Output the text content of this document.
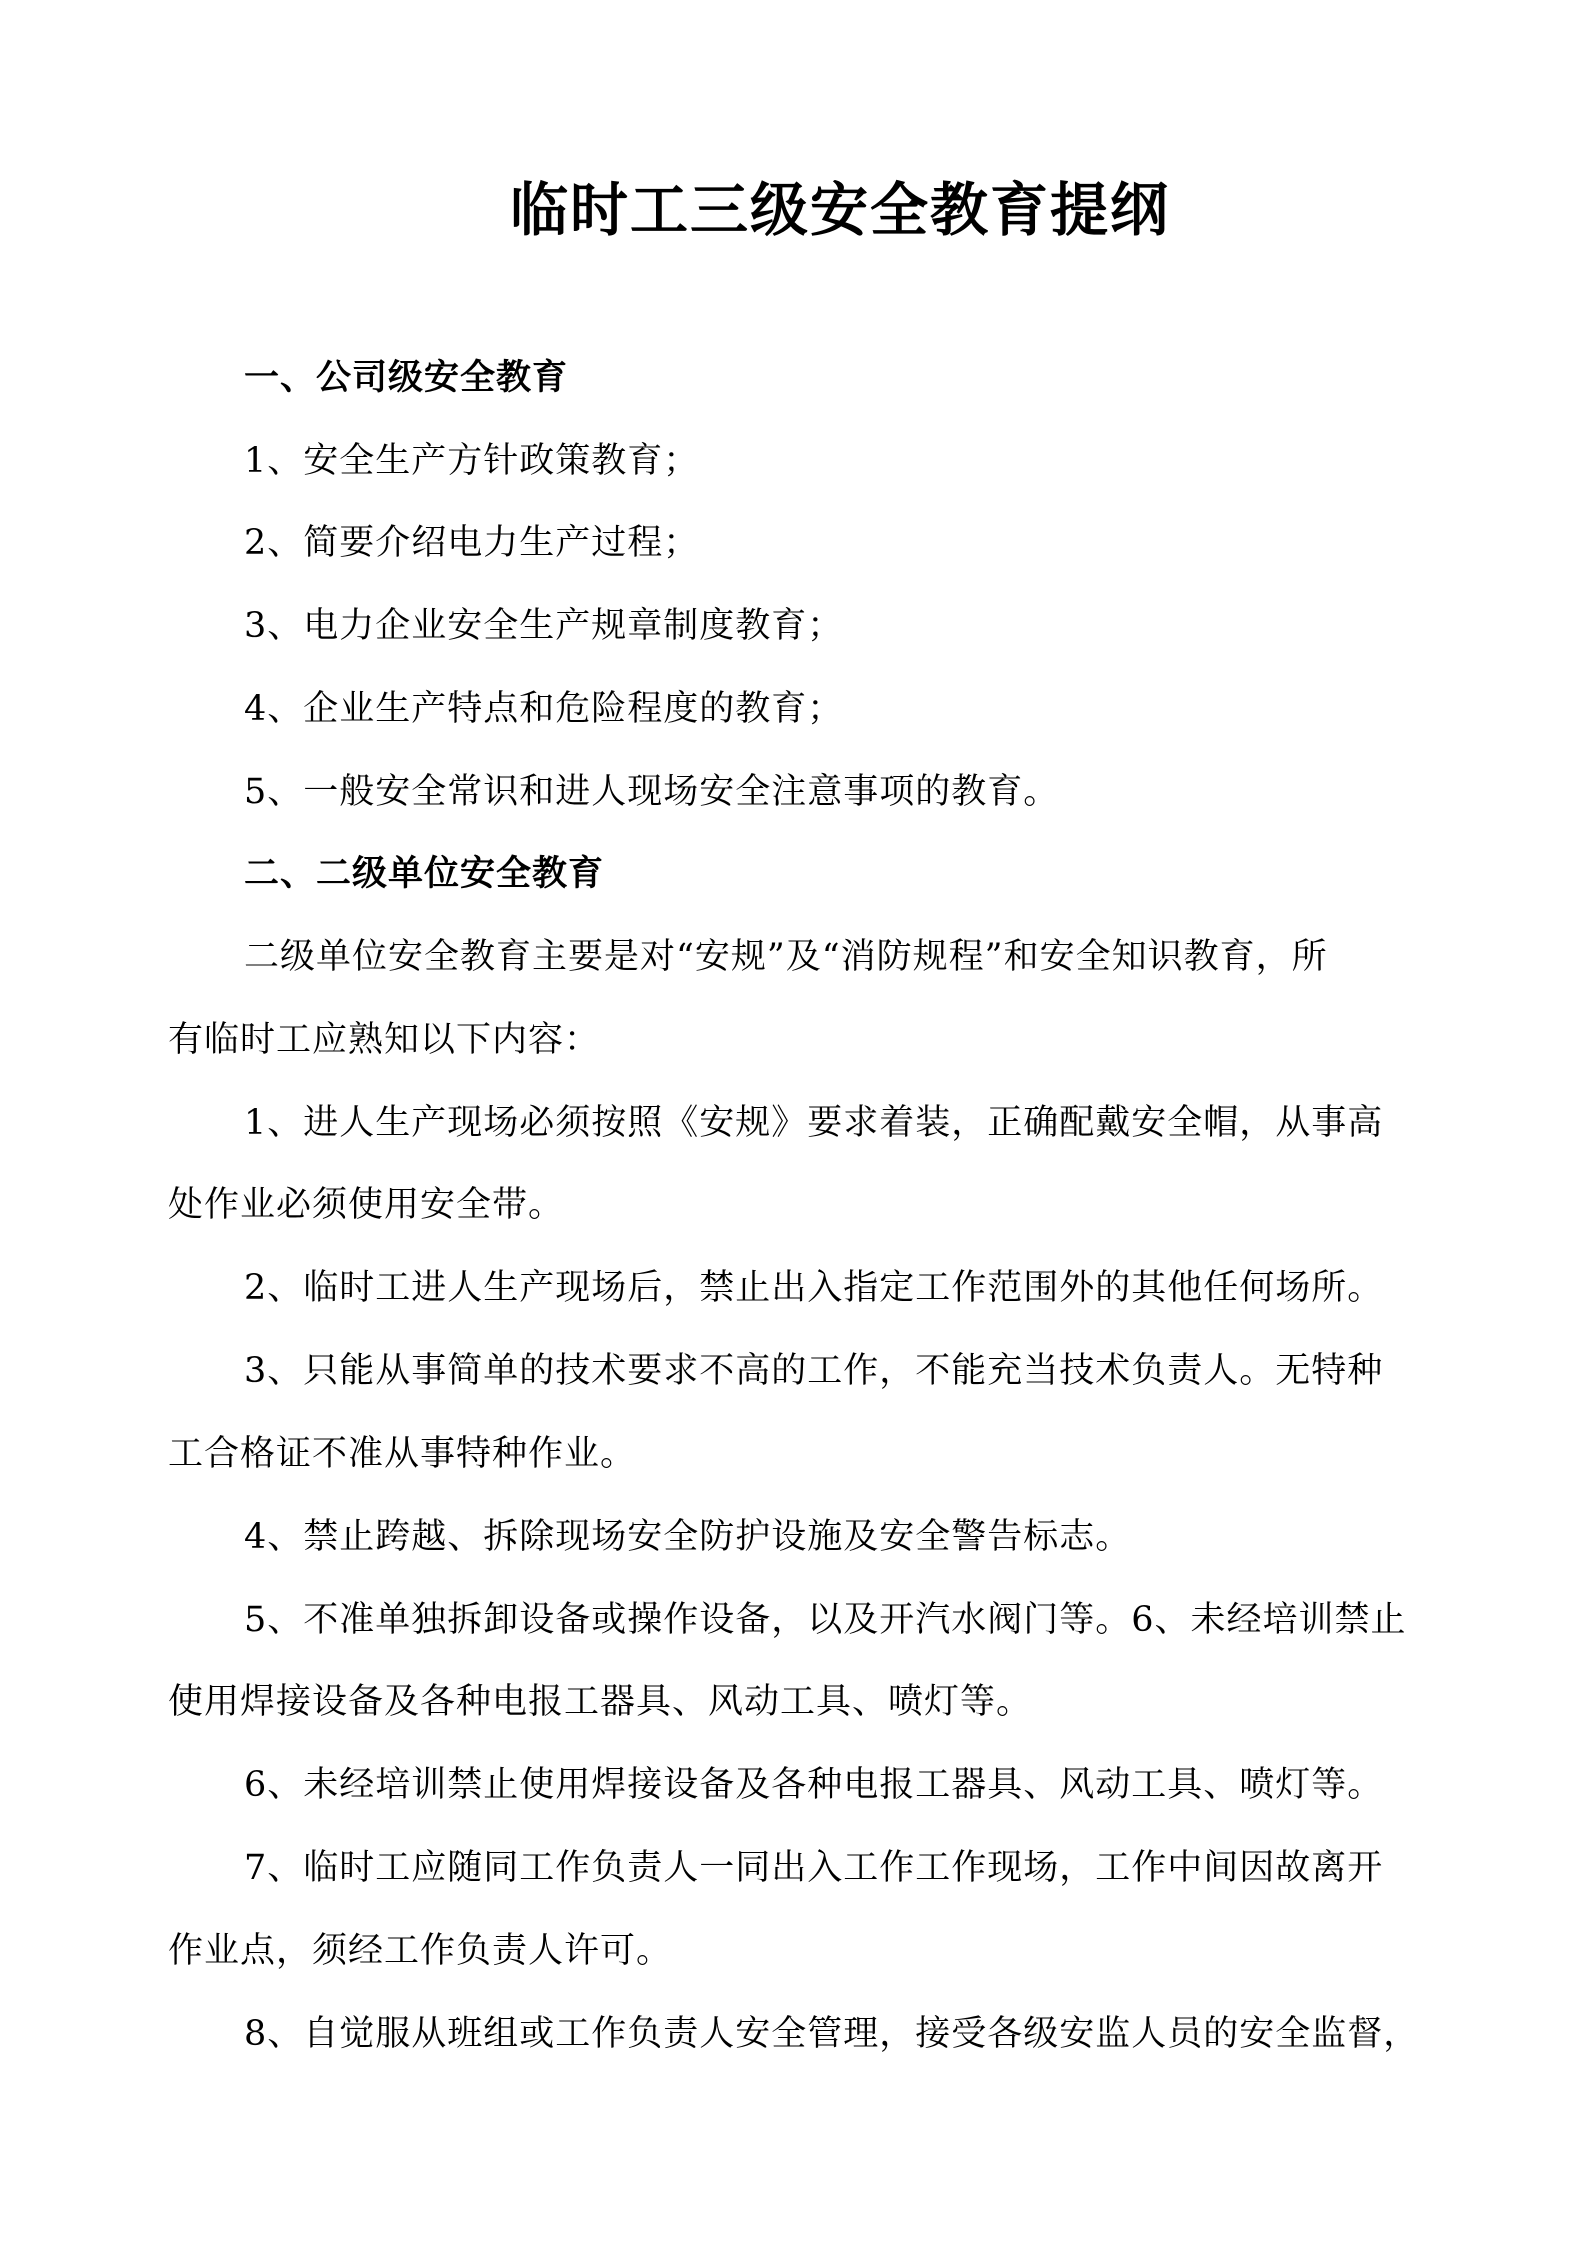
临时工三级安全教育提纲
一、公司级安全教育
1、安全生产方针政策教育；
2、简要介绍电力生产过程；
3、电力企业安全生产规章制度教育；
4、企业生产特点和危险程度的教育；
5、一般安全常识和进人现场安全注意事项的教育。
二、二级单位安全教育
二级单位安全教育主要是对“安规”及“消防规程”和安全知识教育，所
有临时工应熟知以下内容：
1、进人生产现场必须按照《安规》要求着装，正确配戴安全帽，从事高
处作业必须使用安全带。
2、临时工进人生产现场后，禁止出入指定工作范围外的其他任何场所。
3、只能从事简单的技术要求不高的工作，不能充当技术负责人。无特种
工合格证不准从事特种作业。
4、禁止跨越、拆除现场安全防护设施及安全警告标志。
5、不准单独拆卸设备或操作设备，以及开汽水阀门等。6、未经培训禁止
使用焊接设备及各种电报工器具、风动工具、喷灯等。
6、未经培训禁止使用焊接设备及各种电报工器具、风动工具、喷灯等。
7、临时工应随同工作负责人一同出入工作工作现场，工作中间因故离开
作业点，须经工作负责人许可。
8、自觉服从班组或工作负责人安全管理，接受各级安监人员的安全监督，
